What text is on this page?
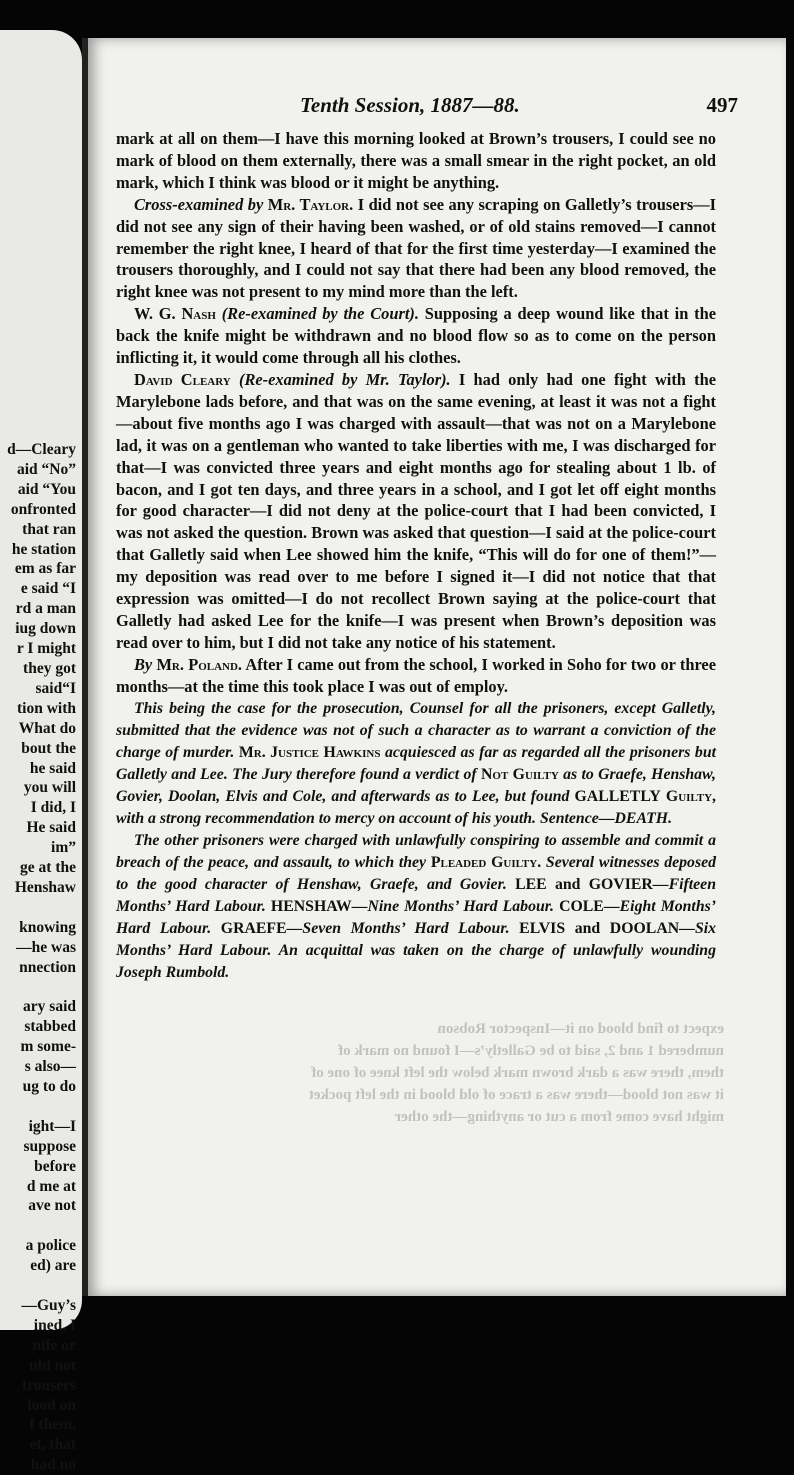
d—Cleary
aid “No”
aid “You
onfronted
that ran
he station
em as far
e said “I
rd a man
iug down
r I might
they got
said“I
tion with
What do
bout the
he said
you will
I did, I
He said
im”
ge at the
Henshaw

knowing
—he was
nnection

ary said
stabbed
m some-
s also—
ug to do

ight—I
suppose
before
d me at
ave not

a police
ed) are

—Guy’s
ined, I
nife or
uld not
trousers
lood on
f them,
et, that
had no
Tenth Session, 1887—88.	497

mark at all on them—I have this morning looked at Brown’s trousers, I could see no mark of blood on them externally, there was a small smear in the right pocket, an old mark, which I think was blood or it might be anything.

Cross-examined by Mr. Taylor. I did not see any scraping on Galletly’s trousers—I did not see any sign of their having been washed, or of old stains removed—I cannot remember the right knee, I heard of that for the first time yesterday—I examined the trousers thoroughly, and I could not say that there had been any blood removed, the right knee was not present to my mind more than the left.

W. G. Nash (Re-examined by the Court). Supposing a deep wound like that in the back the knife might be withdrawn and no blood flow so as to come on the person inflicting it, it would come through all his clothes.

David Cleary (Re-examined by Mr. Taylor). I had only had one fight with the Marylebone lads before, and that was on the same evening, at least it was not a fight—about five months ago I was charged with assault—that was not on a Marylebone lad, it was on a gentleman who wanted to take liberties with me, I was discharged for that—I was convicted three years and eight months ago for stealing about 1 lb. of bacon, and I got ten days, and three years in a school, and I got let off eight months for good character—I did not deny at the police-court that I had been convicted, I was not asked the question. Brown was asked that question—I said at the police-court that Galletly said when Lee showed him the knife, “This will do for one of them!”—my deposition was read over to me before I signed it—I did not notice that that expression was omitted—I do not recollect Brown saying at the police-court that Galletly had asked Lee for the knife—I was present when Brown’s deposition was read over to him, but I did not take any notice of his statement.

By Mr. Poland. After I came out from the school, I worked in Soho for two or three months—at the time this took place I was out of employ.

This being the case for the prosecution, Counsel for all the prisoners, except Galletly, submitted that the evidence was not of such a character as to warrant a conviction of the charge of murder. Mr. Justice Hawkins acquiesced as far as regarded all the prisoners but Galletly and Lee. The Jury therefore found a verdict of Not Guilty as to Graefe, Henshaw, Govier, Doolan, Elvis and Cole, and afterwards as to Lee, but found GALLETLY Guilty, with a strong recommendation to mercy on account of his youth. Sentence—DEATH.

The other prisoners were charged with unlawfully conspiring to assemble and commit a breach of the peace, and assault, to which they Pleaded Guilty. Several witnesses deposed to the good character of Henshaw, Graefe, and Govier. LEE and GOVIER—Fifteen Months’ Hard Labour. HENSHAW—Nine Months’ Hard Labour. COLE—Eight Months’ Hard Labour. GRAEFE—Seven Months’ Hard Labour. ELVIS and DOOLAN—Six Months’ Hard Labour. An acquittal was taken on the charge of unlawfully wounding Joseph Rumbold.

expect to find blood on it—Inspector Robson
numbered 1 and 2, said to be Galletly’s—I found no mark of
them, there was a dark brown mark below the left knee of one of
it was not blood—there was a trace of old blood in the left pocket
might have come from a cut or anything—the other
